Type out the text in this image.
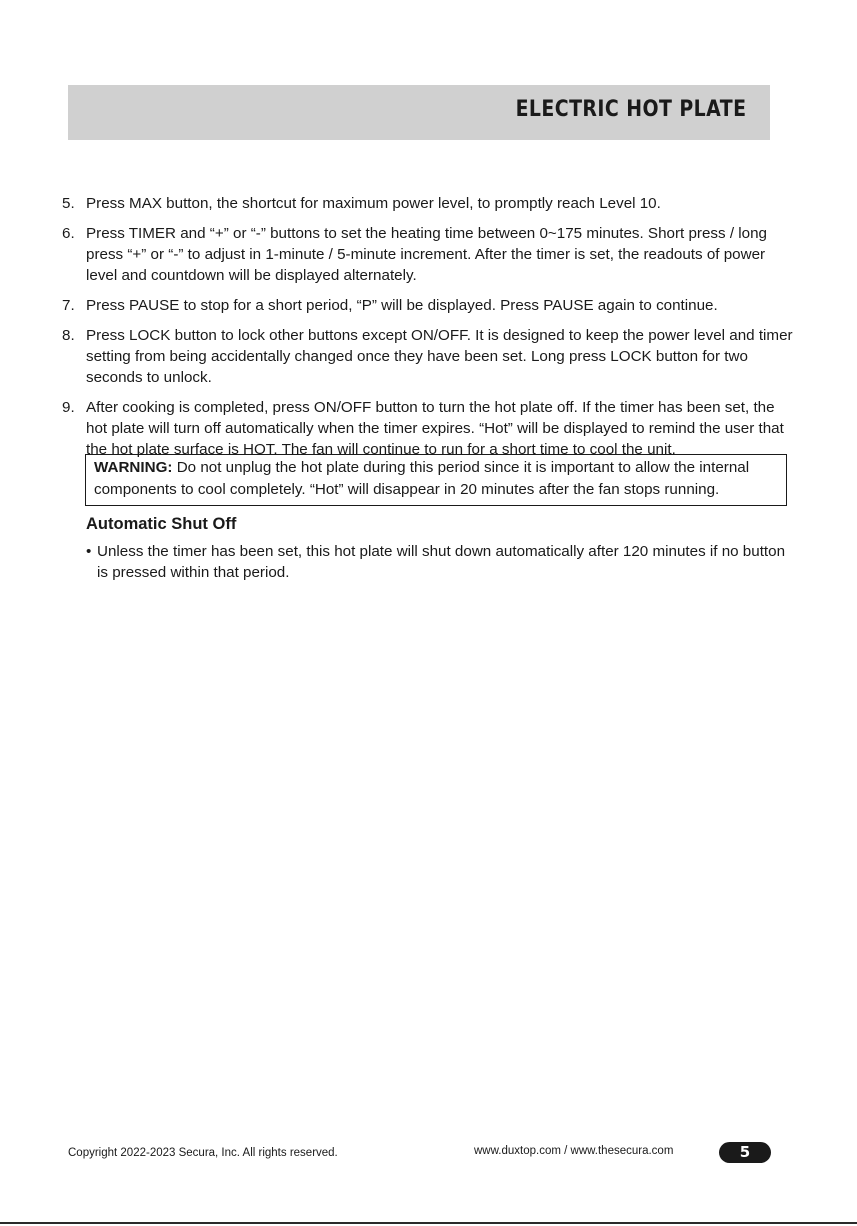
ELECTRIC HOT PLATE
5. Press MAX button, the shortcut for maximum power level, to promptly reach Level 10.
6. Press TIMER and “+” or “-” buttons to set the heating time between 0~175 minutes. Short press / long press “+” or “-” to adjust in 1-minute / 5-minute increment. After the timer is set, the readouts of power level and countdown will be displayed alternately.
7. Press PAUSE to stop for a short period, “P” will be displayed. Press PAUSE again to continue.
8. Press LOCK button to lock other buttons except ON/OFF. It is designed to keep the power level and timer setting from being accidentally changed once they have been set. Long press LOCK button for two seconds to unlock.
9. After cooking is completed, press ON/OFF button to turn the hot plate off. If the timer has been set, the hot plate will turn off automatically when the timer expires. “Hot” will be displayed to remind the user that the hot plate surface is HOT. The fan will continue to run for a short time to cool the unit.
WARNING: Do not unplug the hot plate during this period since it is important to allow the internal components to cool completely. “Hot” will disappear in 20 minutes after the fan stops running.
Automatic Shut Off
• Unless the timer has been set, this hot plate will shut down automatically after 120 minutes if no button is pressed within that period.
Copyright 2022-2023 Secura, Inc. All rights reserved.	www.duxtop.com / www.thesecura.com	5
